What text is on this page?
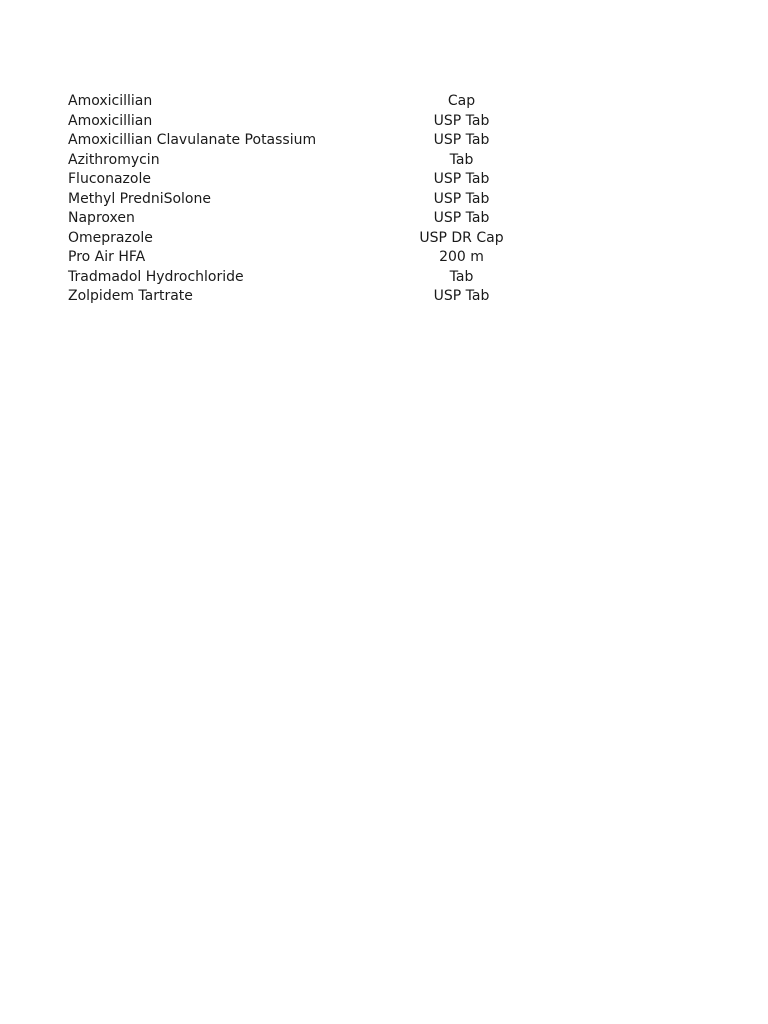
Amoxicillian	Cap
Amoxicillian	USP Tab
Amoxicillian Clavulanate Potassium	USP Tab
Azithromycin	Tab
Fluconazole	USP Tab
Methyl PredniSolone	USP Tab
Naproxen	USP Tab
Omeprazole	USP DR Cap
Pro Air HFA	200 m
Tradmadol Hydrochloride	Tab
Zolpidem Tartrate	USP Tab
